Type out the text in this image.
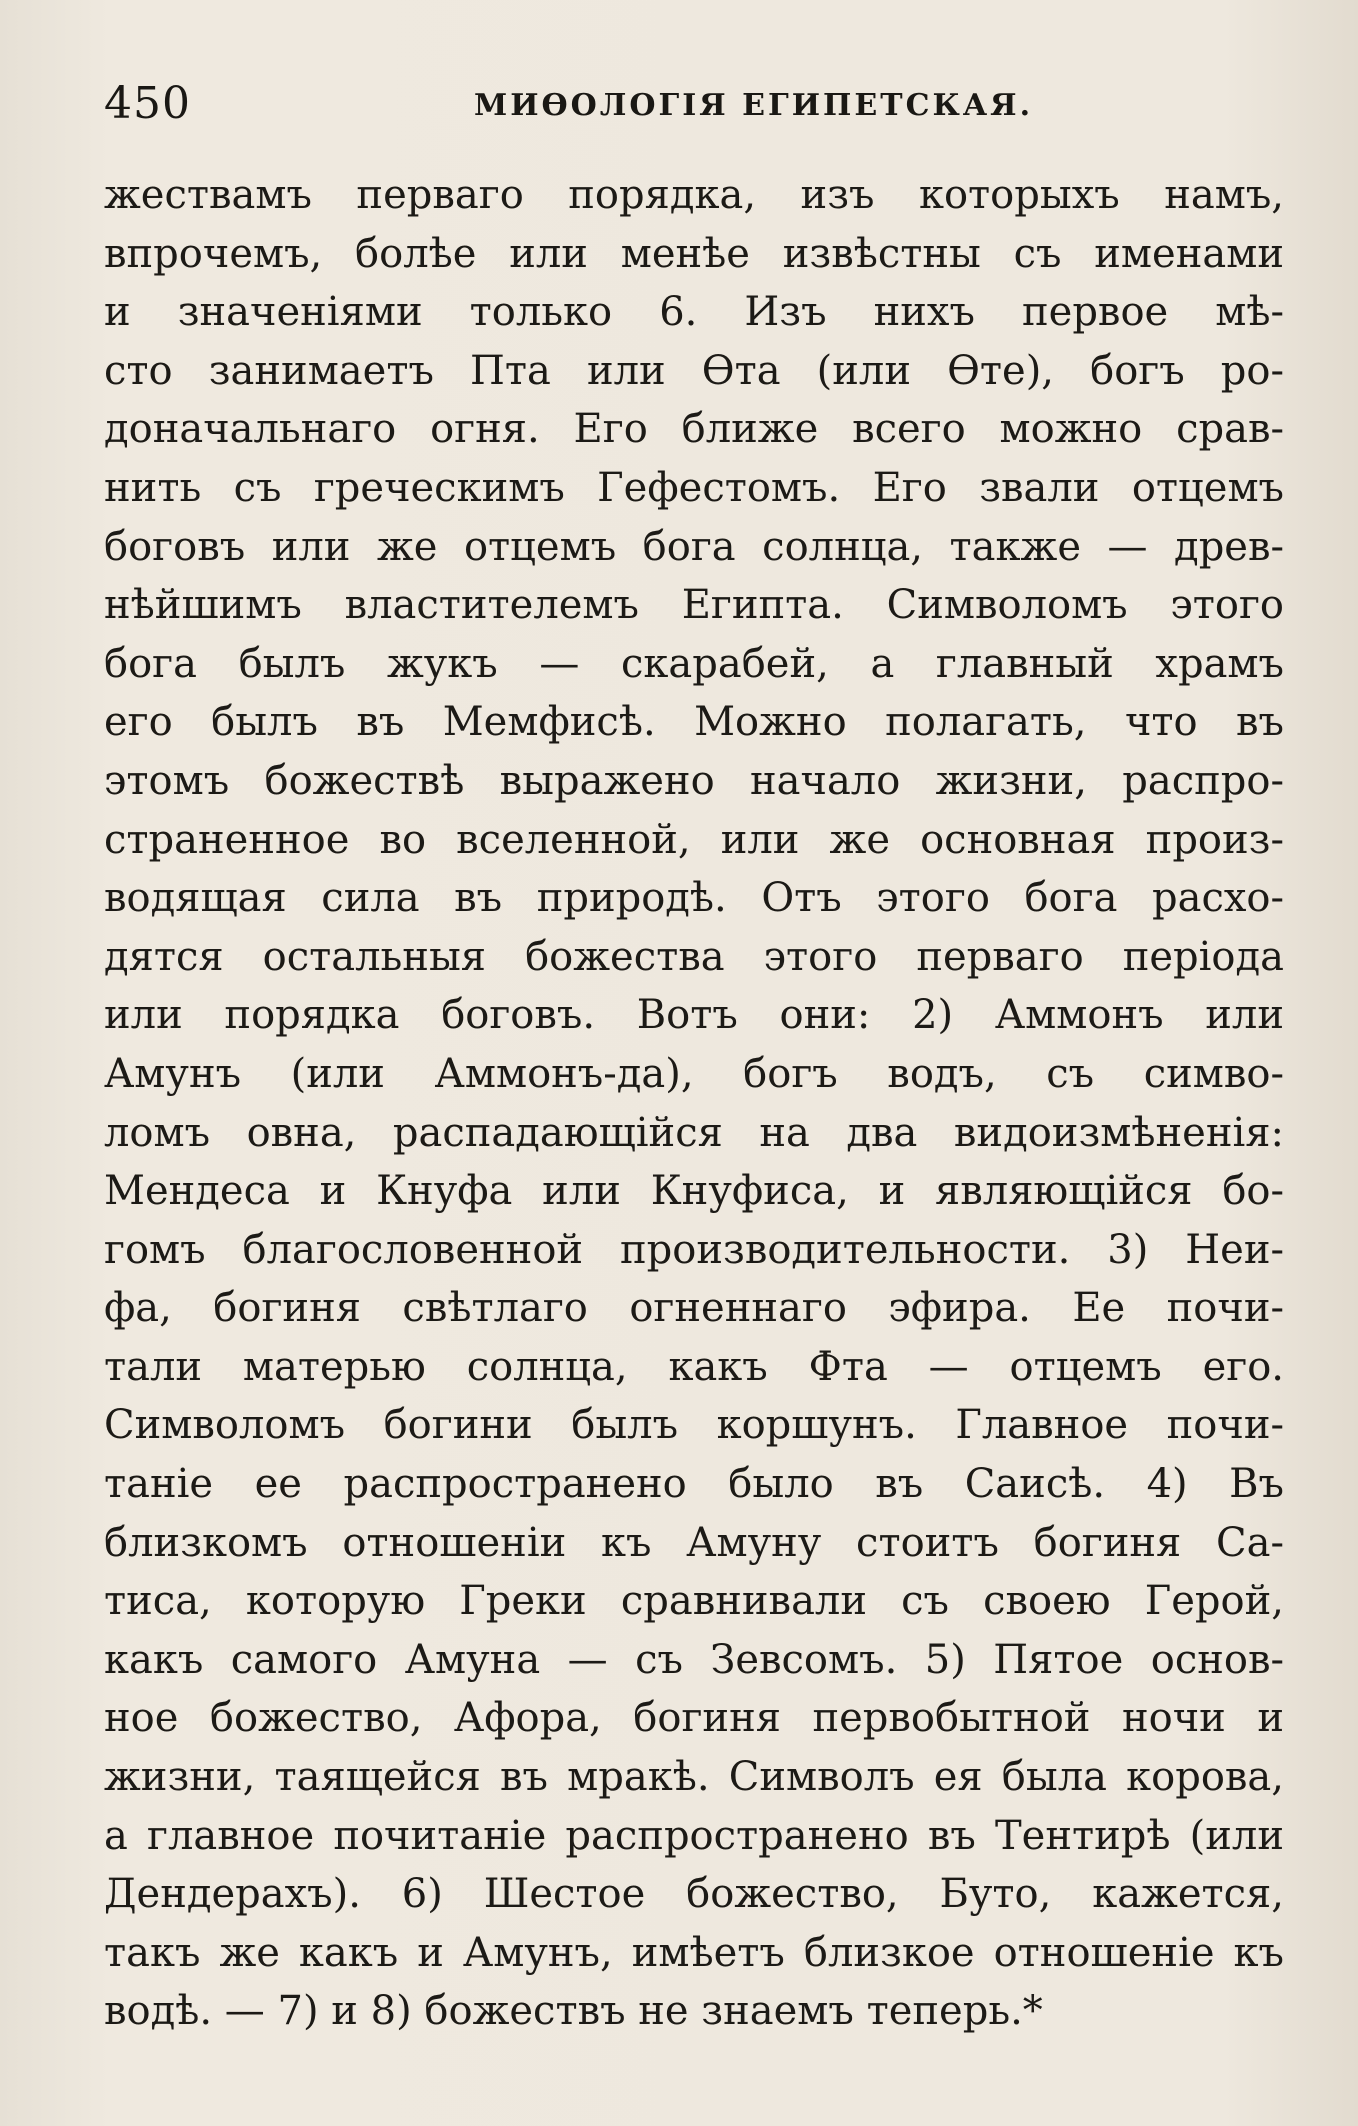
450	МИѲОЛОГІЯ ЕГИПЕТСКАЯ.
жествамъ перваго порядка, изъ которыхъ намъ,
впрочемъ, болѣе или менѣе извѣстны съ именами
и значеніями только 6. Изъ нихъ первое мѣ-
сто занимаетъ Пта или Ѳта (или Ѳте), богъ ро-
доначальнаго огня. Его ближе всего можно срав-
нить съ греческимъ Гефестомъ. Его звали отцемъ
боговъ или же отцемъ бога солнца, также — древ-
нѣйшимъ властителемъ Египта. Символомъ этого
бога былъ жукъ — скарабей, а главный храмъ
его былъ въ Мемфисѣ. Можно полагать, что въ
этомъ божествѣ выражено начало жизни, распро-
страненное во вселенной, или же основная произ-
водящая сила въ природѣ. Отъ этого бога расхо-
дятся остальныя божества этого перваго періода
или порядка боговъ. Вотъ они: 2) Аммонъ или
Амунъ (или Аммонъ-да), богъ водъ, съ симво-
ломъ овна, распадающійся на два видоизмѣненія:
Мендеса и Кнуфа или Кнуфиса, и являющійся бо-
гомъ благословенной производительности. 3) Неи-
фа, богиня свѣтлаго огненнаго эфира. Ее почи-
тали матерью солнца, какъ Фта — отцемъ его.
Символомъ богини былъ коршунъ. Главное почи-
таніе ее распространено было въ Саисѣ. 4) Въ
близкомъ отношеніи къ Амуну стоитъ богиня Са-
тиса, которую Греки сравнивали съ своею Герой,
какъ самого Амуна — съ Зевсомъ. 5) Пятое основ-
ное божество, Афора, богиня первобытной ночи и
жизни, таящейся въ мракѣ. Символъ ея была корова,
а главное почитаніе распространено въ Тентирѣ (или
Дендерахъ). 6) Шестое божество, Буто, кажется,
такъ же какъ и Амунъ, имѣетъ близкое отношеніе къ
водѣ. — 7) и 8) божествъ не знаемъ теперь.*
